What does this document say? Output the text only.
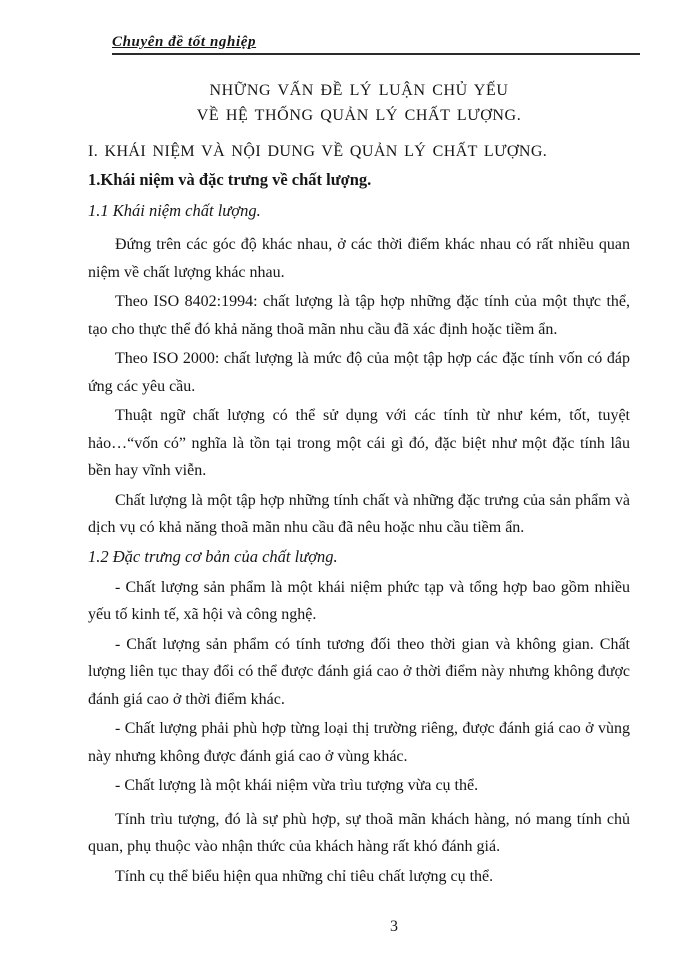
Chuyên đề tốt nghiệp
NHỮNG VẤN ĐỀ LÝ LUẬN CHỦ YẾU
VỀ HỆ THỐNG QUẢN LÝ CHẤT LƯỢNG.
I. KHÁI NIỆM VÀ NỘI DUNG VỀ QUẢN LÝ CHẤT LƯỢNG.
1.Khái niệm và đặc trưng về chất lượng.
1.1 Khái niệm chất lượng.

Đứng trên các góc độ khác nhau, ở các thời điểm khác nhau có rất nhiều quan niệm về chất lượng khác nhau.

Theo ISO 8402:1994: chất lượng là tập hợp những đặc tính của một thực thể, tạo cho thực thể đó khả năng thoã mãn nhu cầu đã xác định hoặc tiềm ẩn.

Theo ISO 2000: chất lượng là mức độ của một tập hợp các đặc tính vốn có đáp ứng các yêu cầu.

Thuật ngữ chất lượng có thể sử dụng với các tính từ như kém, tốt, tuyệt hảo…“vốn có” nghĩa là tồn tại trong một cái gì đó, đặc biệt như một đặc tính lâu bền hay vĩnh viễn.

Chất lượng là một tập hợp những tính chất và những đặc trưng của sản phẩm và dịch vụ có khả năng thoã mãn nhu cầu đã nêu hoặc nhu cầu tiềm ẩn.

1.2 Đặc trưng cơ bản của chất lượng.

- Chất lượng sản phẩm là một khái niệm phức tạp và tổng hợp bao gồm nhiều yếu tố kinh tế, xã hội và công nghệ.

- Chất lượng sản phẩm có tính tương đối theo thời gian và không gian. Chất lượng liên tục thay đổi có thể được đánh giá cao ở thời điểm này nhưng không được đánh giá cao ở thời điểm khác.

- Chất lượng phải phù hợp từng loại thị trường riêng, được đánh giá cao ở vùng này nhưng không được đánh giá cao ở vùng khác.

- Chất lượng là một khái niệm vừa trìu tượng vừa cụ thể.

Tính trìu tượng, đó là sự phù hợp, sự thoã mãn khách hàng, nó mang tính chủ quan, phụ thuộc vào nhận thức của khách hàng rất khó đánh giá.

Tính cụ thể biểu hiện qua những chỉ tiêu chất lượng cụ thể.

3
